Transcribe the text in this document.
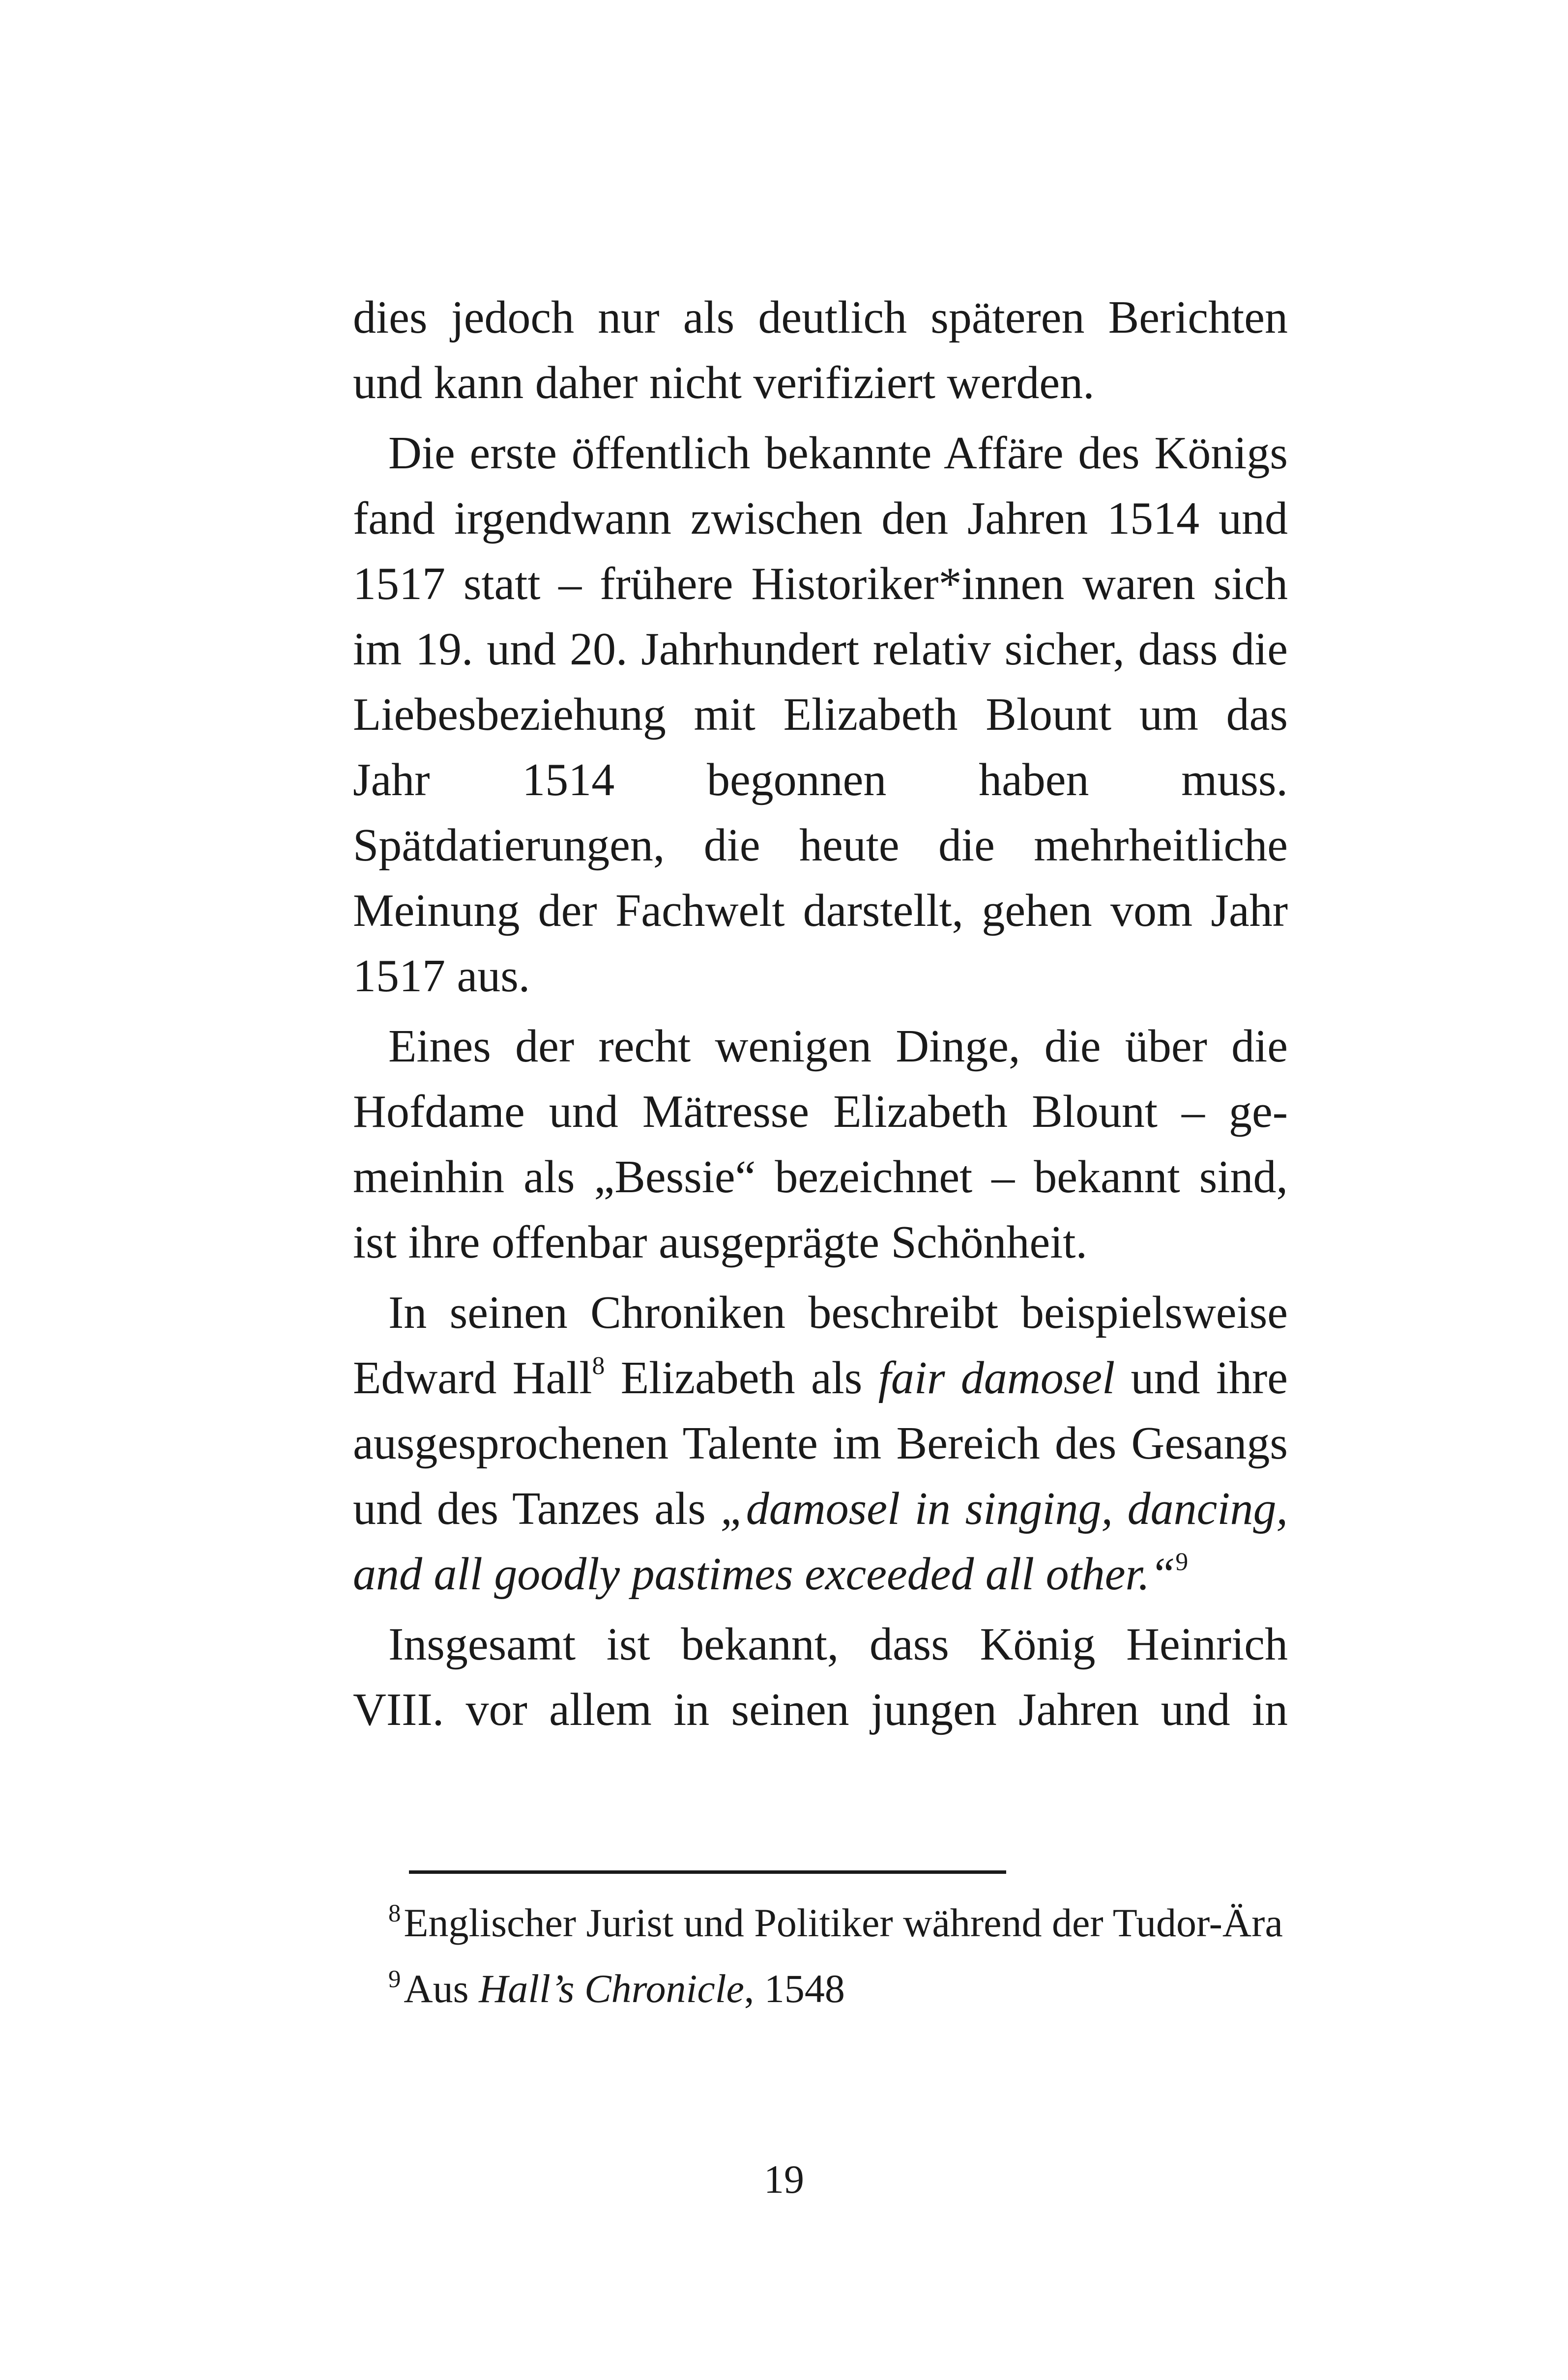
dies jedoch nur als deutlich späteren Berichten und kann daher nicht verifiziert werden.

Die erste öffentlich bekannte Affäre des Königs fand irgendwann zwischen den Jahren 1514 und 1517 statt – frühere Historiker*innen waren sich im 19. und 20. Jahrhundert relativ sicher, dass die Liebesbeziehung mit Elizabeth Blount um das Jahr 1514 begonnen haben muss. Spätdatierungen, die heute die mehrheitliche Meinung der Fachwelt darstellt, gehen vom Jahr 1517 aus.

Eines der recht wenigen Dinge, die über die Hofdame und Mätresse Elizabeth Blount – gemeinhin als „Bessie“ bezeichnet – bekannt sind, ist ihre offenbar ausgeprägte Schönheit.

In seinen Chroniken beschreibt beispielsweise Edward Hall$^8$ Elizabeth als fair damosel und ihre ausgesprochenen Talente im Bereich des Gesangs und des Tanzes als „damosel in singing, dancing, and all goodly pastimes exceeded all other.“$^9$

Insgesamt ist bekannt, dass König Heinrich VIII. vor allem in seinen jungen Jahren und in

$^8$Englischer Jurist und Politiker während der Tudor-Ära

$^9$Aus Hall’s Chronicle, 1548

19
